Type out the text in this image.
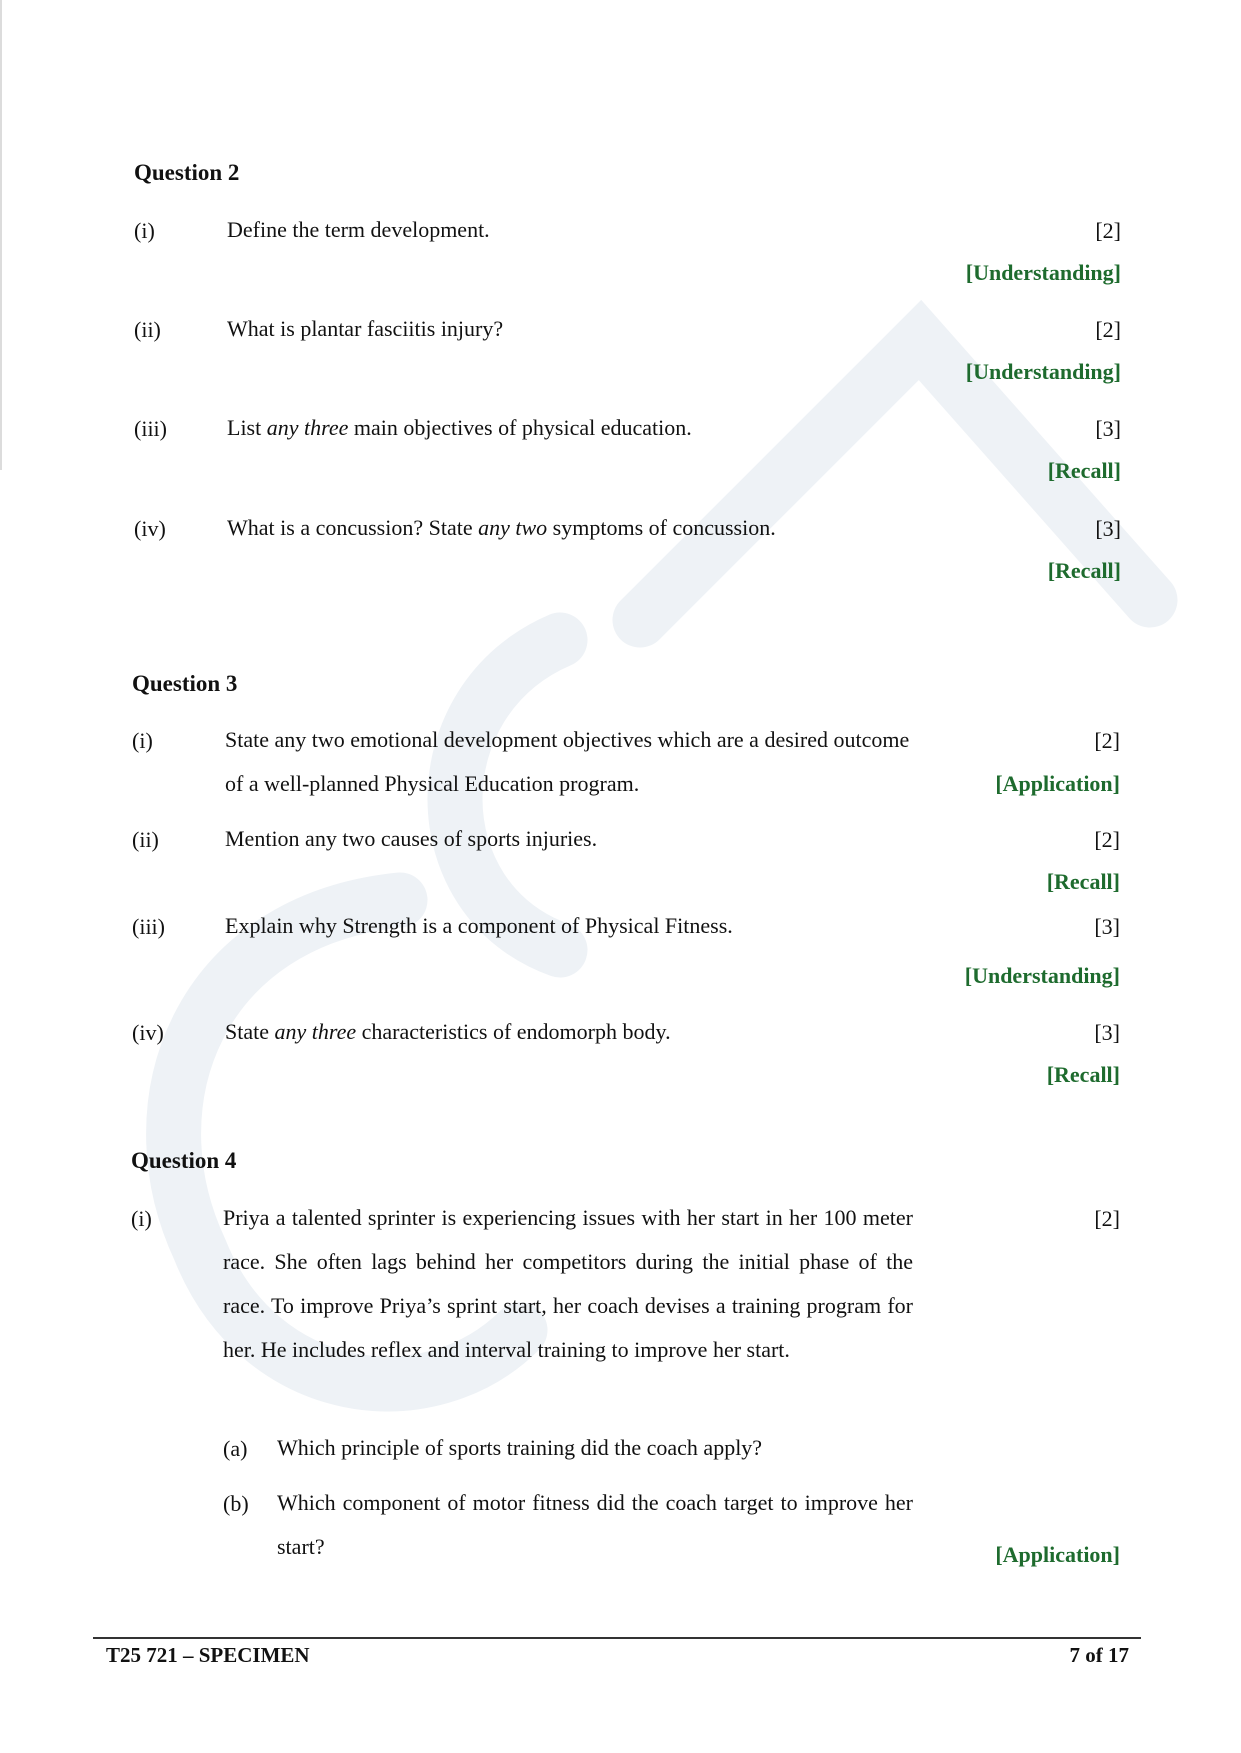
Question 2
(i)	Define the term development.	[2]
[Understanding]
(ii)	What is plantar fasciitis injury?	[2]
[Understanding]
(iii)	List any three main objectives of physical education.	[3]
[Recall]
(iv)	What is a concussion? State any two symptoms of concussion.	[3]
[Recall]
Question 3
(i)	State any two emotional development objectives which are a desired outcome of a well-planned Physical Education program.
[2]
[Application]
(ii)	Mention any two causes of sports injuries.	[2]
[Recall]
(iii)	Explain why Strength is a component of Physical Fitness.	[3]
[Understanding]
(iv)	State any three characteristics of endomorph body.	[3]
[Recall]
Question 4
(i)	Priya a talented sprinter is experiencing issues with her start in her 100 meter race. She often lags behind her competitors during the initial phase of the race. To improve Priya’s sprint start, her coach devises a training program for her. He includes reflex and interval training to improve her start.
[2]
(a) Which principle of sports training did the coach apply?
(b) Which component of motor fitness did the coach target to improve her start?	[Application]
T25 721 – SPECIMEN	7 of 17
